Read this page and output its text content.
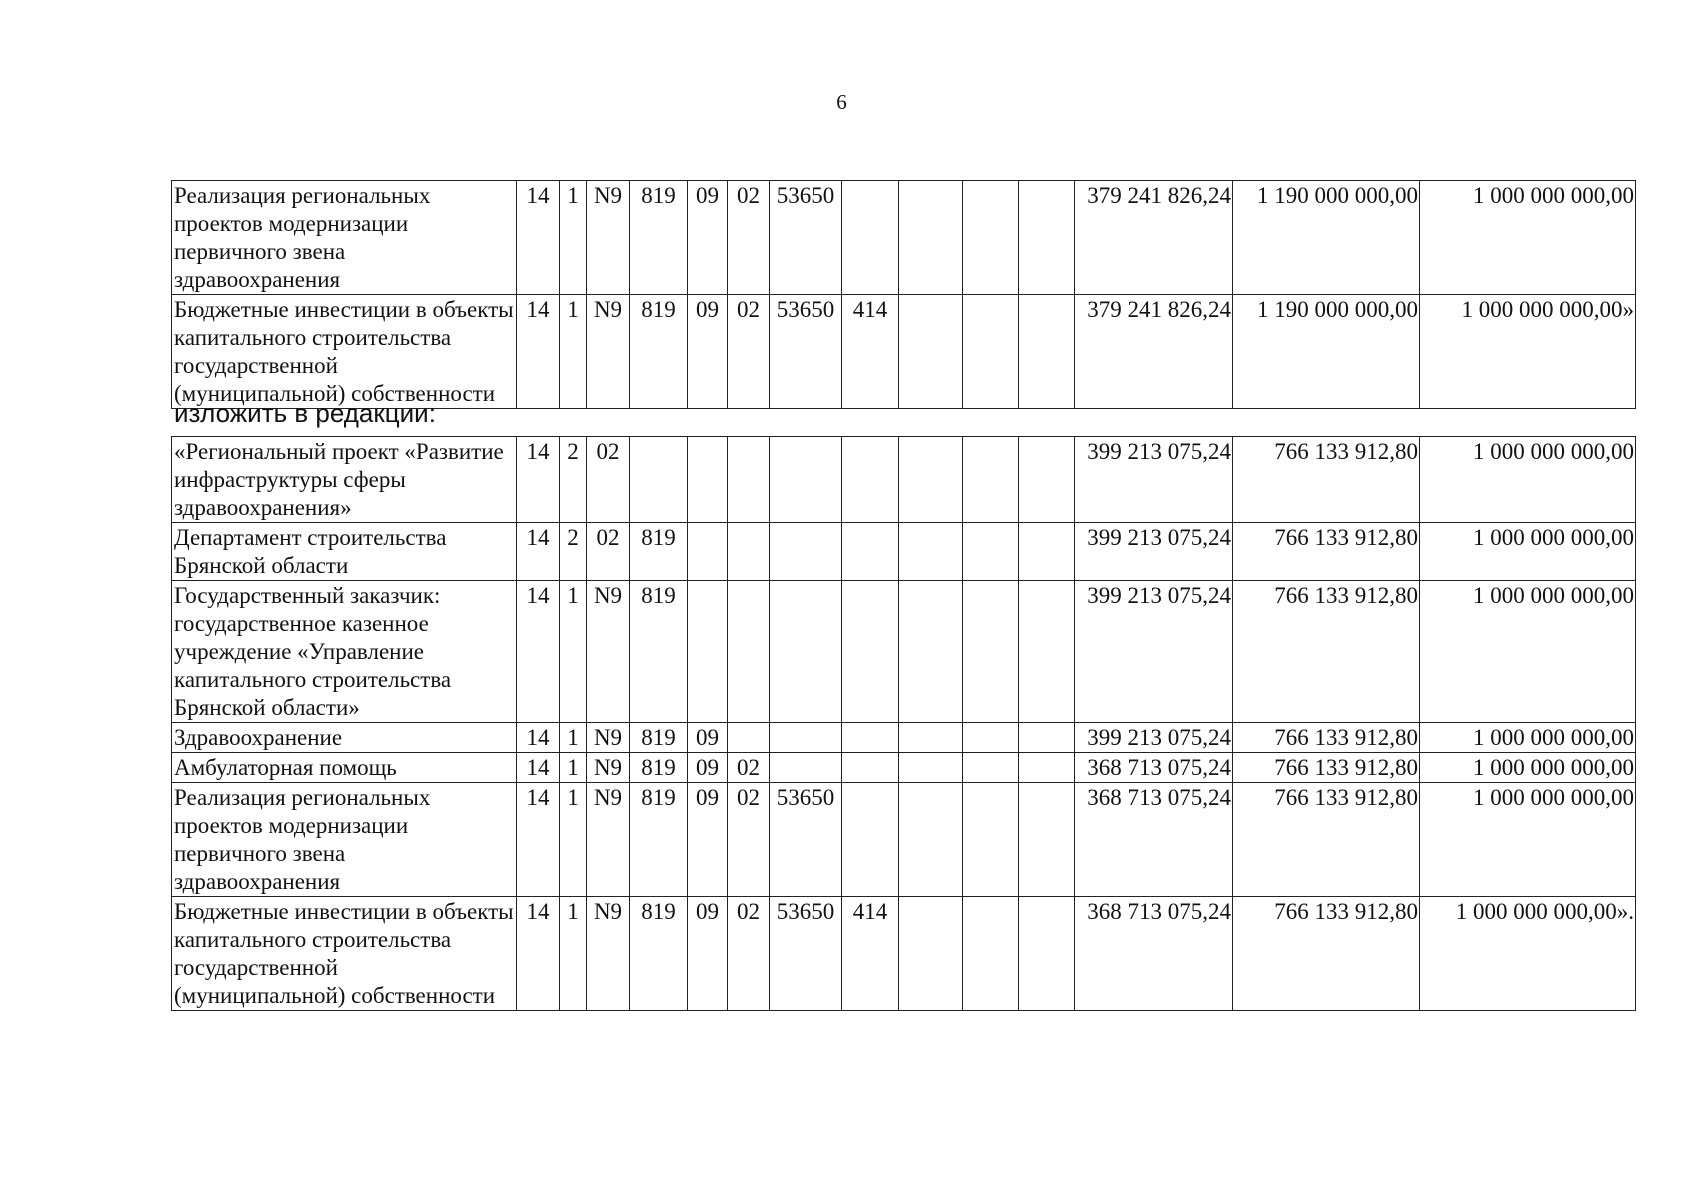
6
Реализация региональных проектов модернизации первичного звена здравоохранения	14	1	N9	819	09	02	53650					379 241 826,24	1 190 000 000,00	1 000 000 000,00
Бюджетные инвестиции в объекты капитального строительства государственной (муниципальной) собственности	14	1	N9	819	09	02	53650	414				379 241 826,24	1 190 000 000,00	1 000 000 000,00»
изложить в редакции:
«Региональный проект «Развитие инфраструктуры сферы здравоохранения»	14	2	02									399 213 075,24	766 133 912,80	1 000 000 000,00
Департамент строительства Брянской области	14	2	02	819								399 213 075,24	766 133 912,80	1 000 000 000,00
Государственный заказчик: государственное казенное учреждение «Управление капитального строительства Брянской области»	14	1	N9	819								399 213 075,24	766 133 912,80	1 000 000 000,00
Здравоохранение	14	1	N9	819	09							399 213 075,24	766 133 912,80	1 000 000 000,00
Амбулаторная помощь	14	1	N9	819	09	02						368 713 075,24	766 133 912,80	1 000 000 000,00
Реализация региональных проектов модернизации первичного звена здравоохранения	14	1	N9	819	09	02	53650					368 713 075,24	766 133 912,80	1 000 000 000,00
Бюджетные инвестиции в объекты капитального строительства государственной (муниципальной) собственности	14	1	N9	819	09	02	53650	414				368 713 075,24	766 133 912,80	1 000 000 000,00».
